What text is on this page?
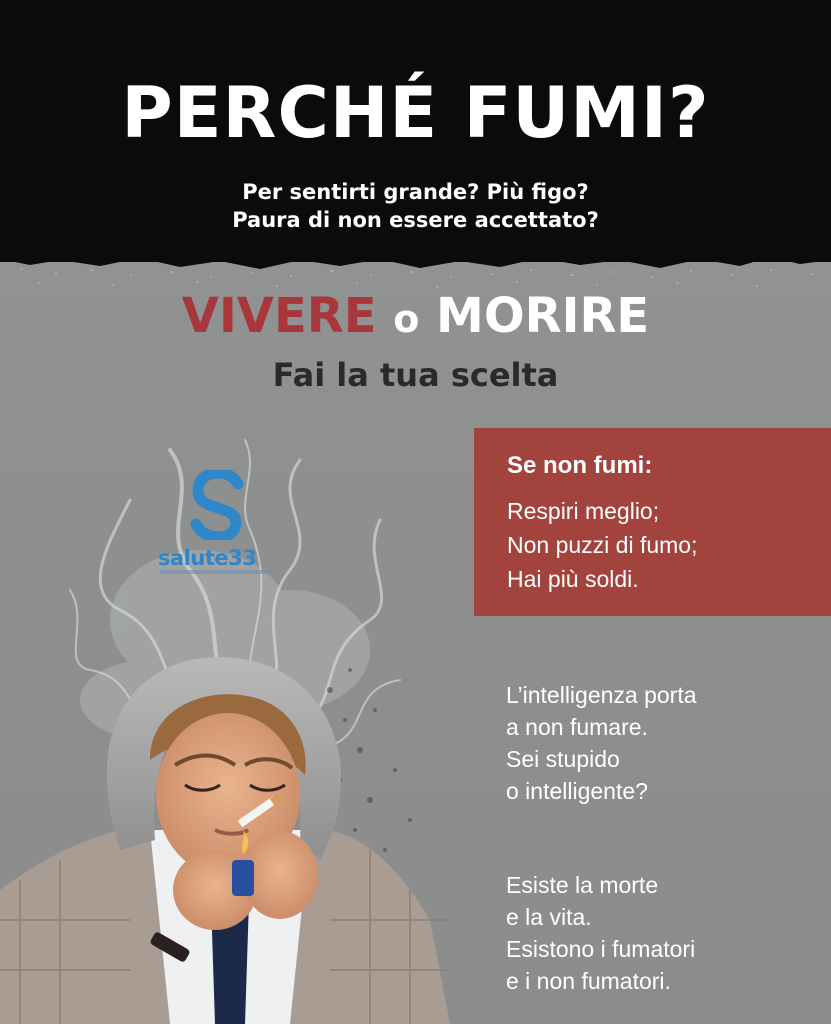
PERCHÉ FUMI?
Per sentirti grande? Più figo?
Paura di non essere accettato?
VIVERE o MORIRE
Fai la tua scelta
salute33
Se non fumi:
Respiri meglio;
Non puzzi di fumo;
Hai più soldi.
L’intelligenza porta
a non fumare.
Sei stupido
o intelligente?
Esiste la morte
e la vita.
Esistono i fumatori
e i non fumatori.
